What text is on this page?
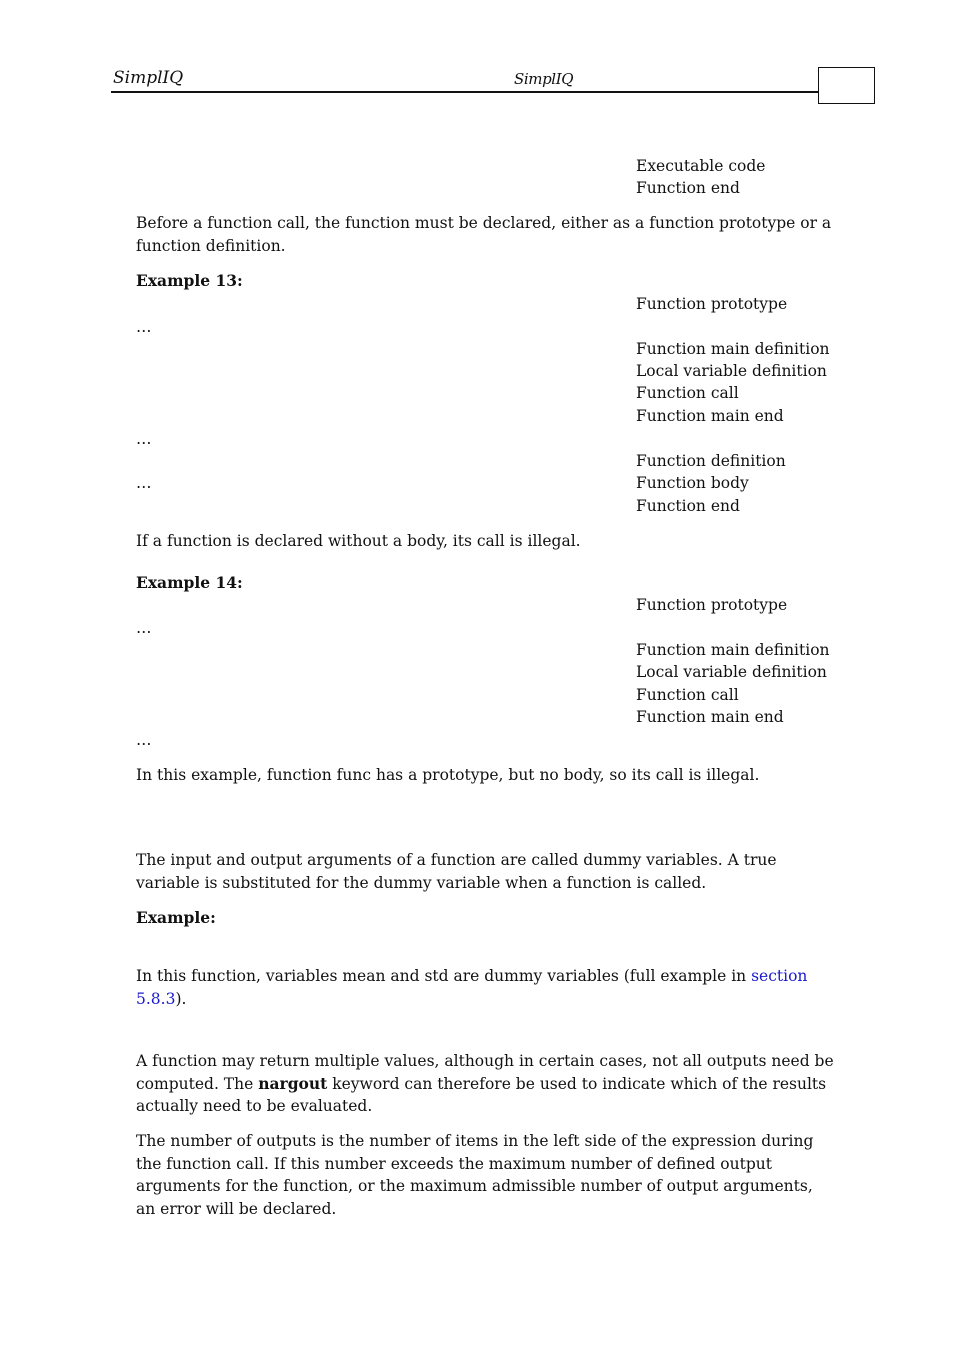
SimplIQ	SimplIQ
Executable code
Function end
Before a function call, the function must be declared, either as a function prototype or a function definition.
Example 13:
Function prototype
…
Function main definition
Local variable definition
Function call
Function main end
…
Function definition
…	Function body
Function end
If a function is declared without a body, its call is illegal.
Example 14:
Function prototype
…
Function main definition
Local variable definition
Function call
Function main end
…
In this example, function func has a prototype, but no body, so its call is illegal.
The input and output arguments of a function are called dummy variables. A true variable is substituted for the dummy variable when a function is called.
Example:
In this function, variables mean and std are dummy variables (full example in section 5.8.3).
A function may return multiple values, although in certain cases, not all outputs need be computed. The nargout keyword can therefore be used to indicate which of the results actually need to be evaluated.
The number of outputs is the number of items in the left side of the expression during the function call. If this number exceeds the maximum number of defined output arguments for the function, or the maximum admissible number of output arguments, an error will be declared.
